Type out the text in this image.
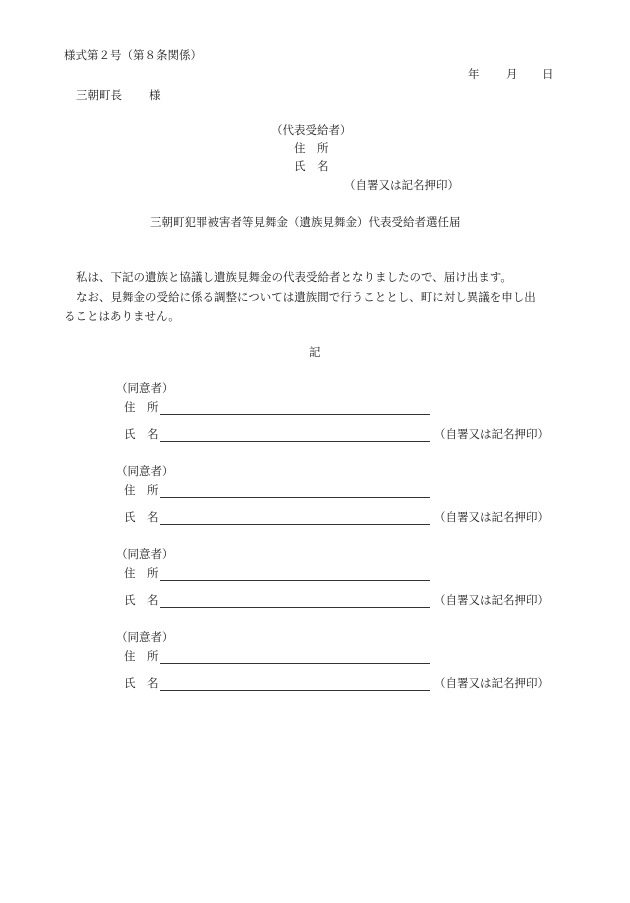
様式第２号（第８条関係）
年 月 日
三朝町長 様
（代表受給者）
住　所
氏　名
（自署又は記名押印）
三朝町犯罪被害者等見舞金（遺族見舞金）代表受給者選任届
私は、下記の遺族と協議し遺族見舞金の代表受給者となりましたので、届け出ます。
なお、見舞金の受給に係る調整については遺族間で行うこととし、町に対し異議を申し出
ることはありません。
記
（同意者）
住　所
氏　名	（自署又は記名押印）
（同意者）
住　所
氏　名	（自署又は記名押印）
（同意者）
住　所
氏　名	（自署又は記名押印）
（同意者）
住　所
氏　名	（自署又は記名押印）
